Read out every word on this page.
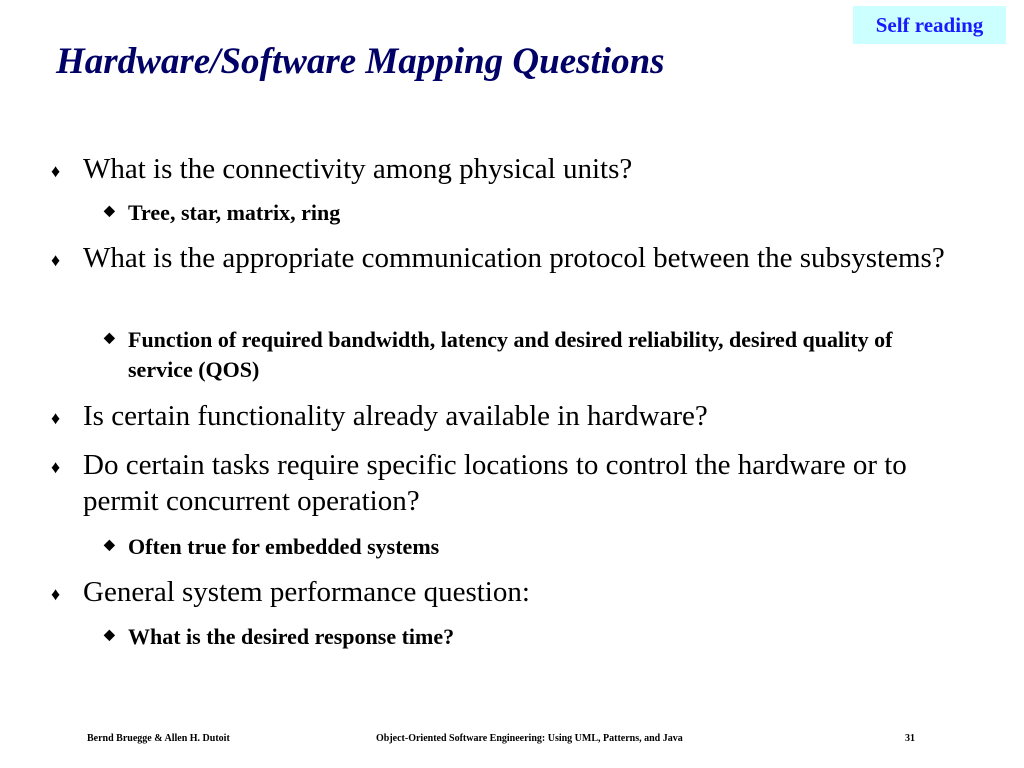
Self reading
Hardware/Software Mapping Questions
♦ What is the connectivity among physical units?
◆ Tree, star, matrix, ring
♦ What is the appropriate communication protocol between the subsystems?
◆ Function of required bandwidth, latency and desired reliability, desired quality of service (QOS)
♦ Is certain functionality already available in hardware?
♦ Do certain tasks require specific locations to control the hardware or to permit concurrent operation?
◆ Often true for embedded systems
♦ General system performance question:
◆ What is the desired response time?
Bernd Bruegge & Allen H. Dutoit	Object-Oriented Software Engineering: Using UML, Patterns, and Java	31
